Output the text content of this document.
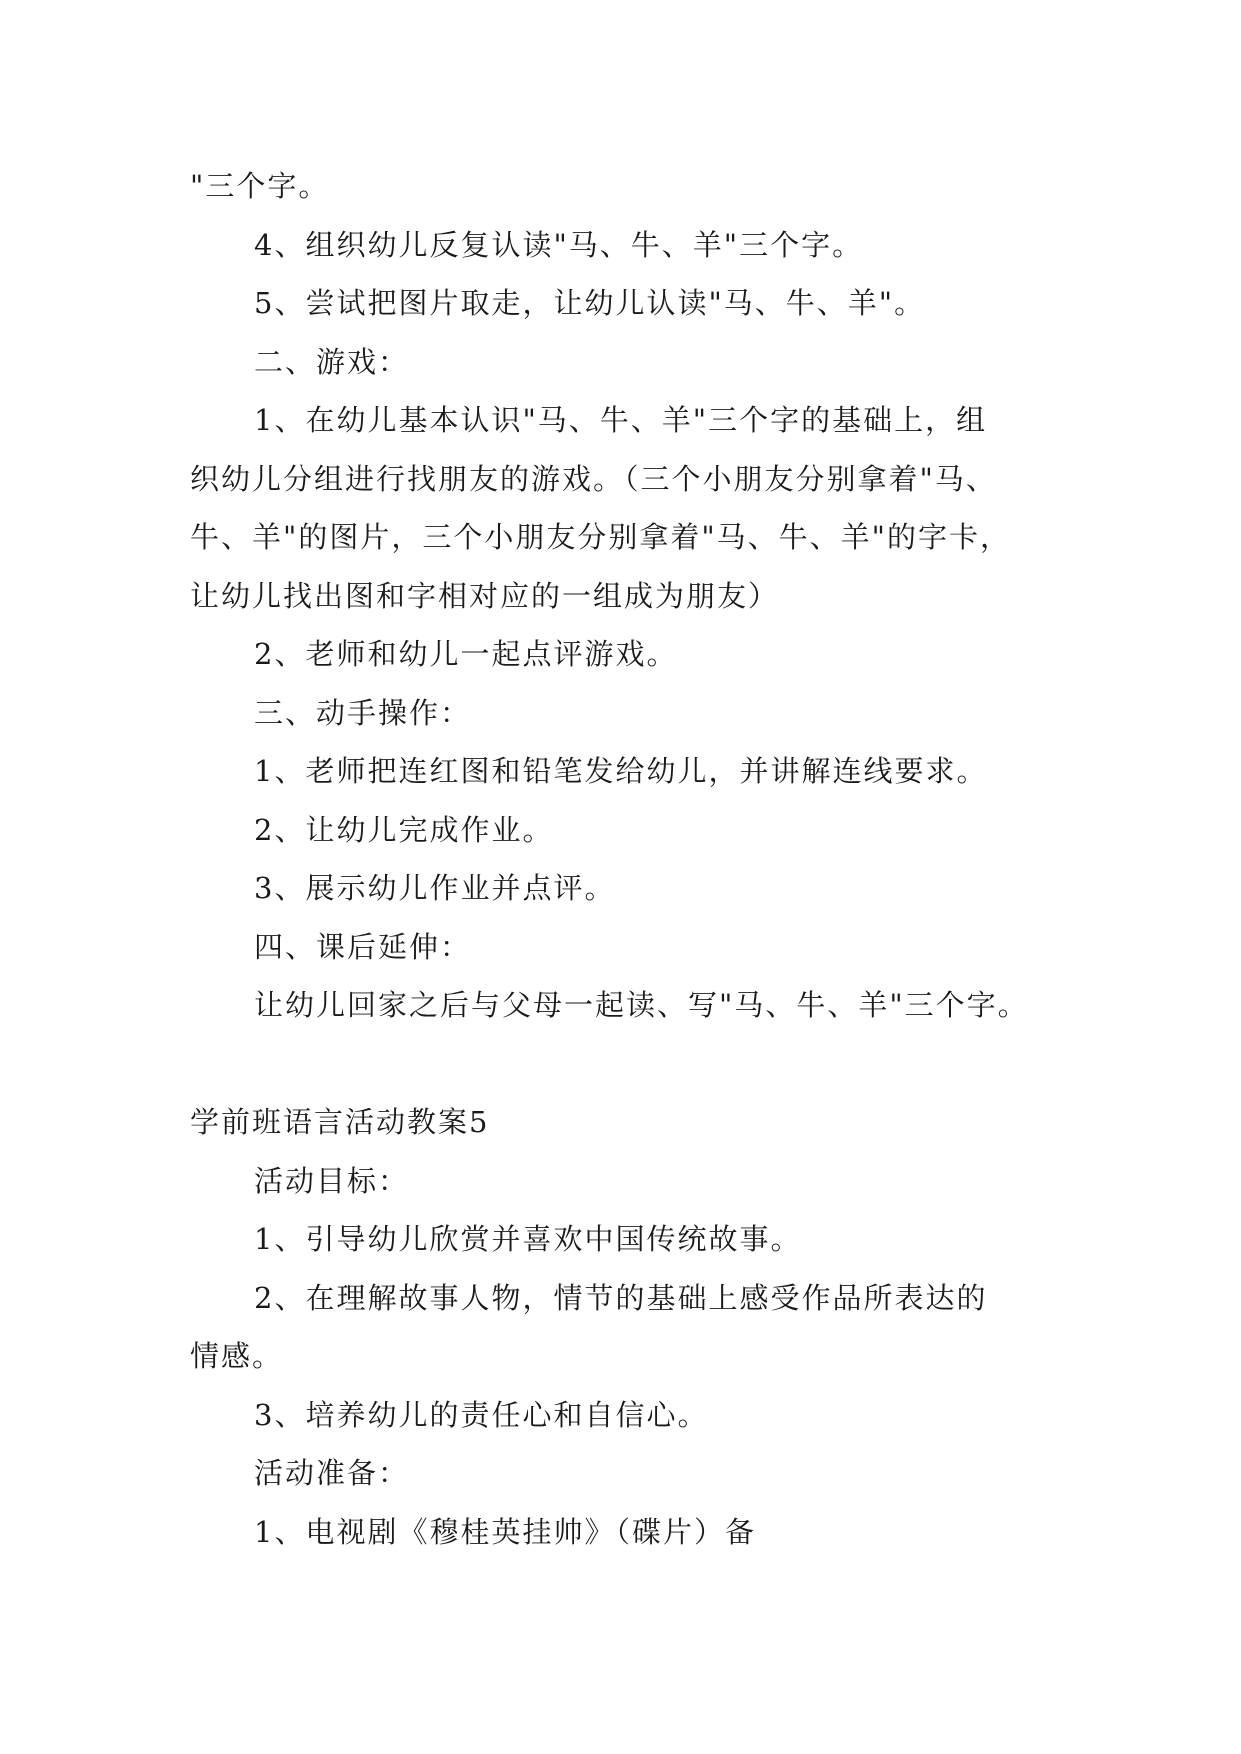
"三个字。
4、组织幼儿反复认读"马、牛、羊"三个字。
5、尝试把图片取走，让幼儿认读"马、牛、羊"。
二、游戏：
1、在幼儿基本认识"马、牛、羊"三个字的基础上，组
织幼儿分组进行找朋友的游戏。（三个小朋友分别拿着"马、
牛、羊"的图片，三个小朋友分别拿着"马、牛、羊"的字卡，
让幼儿找出图和字相对应的一组成为朋友）
2、老师和幼儿一起点评游戏。
三、动手操作：
1、老师把连红图和铅笔发给幼儿，并讲解连线要求。
2、让幼儿完成作业。
3、展示幼儿作业并点评。
四、课后延伸：
让幼儿回家之后与父母一起读、写"马、牛、羊"三个字。
学前班语言活动教案5
活动目标：
1、引导幼儿欣赏并喜欢中国传统故事。
2、在理解故事人物，情节的基础上感受作品所表达的
情感。
3、培养幼儿的责任心和自信心。
活动准备：
1、电视剧《穆桂英挂帅》（碟片）备
